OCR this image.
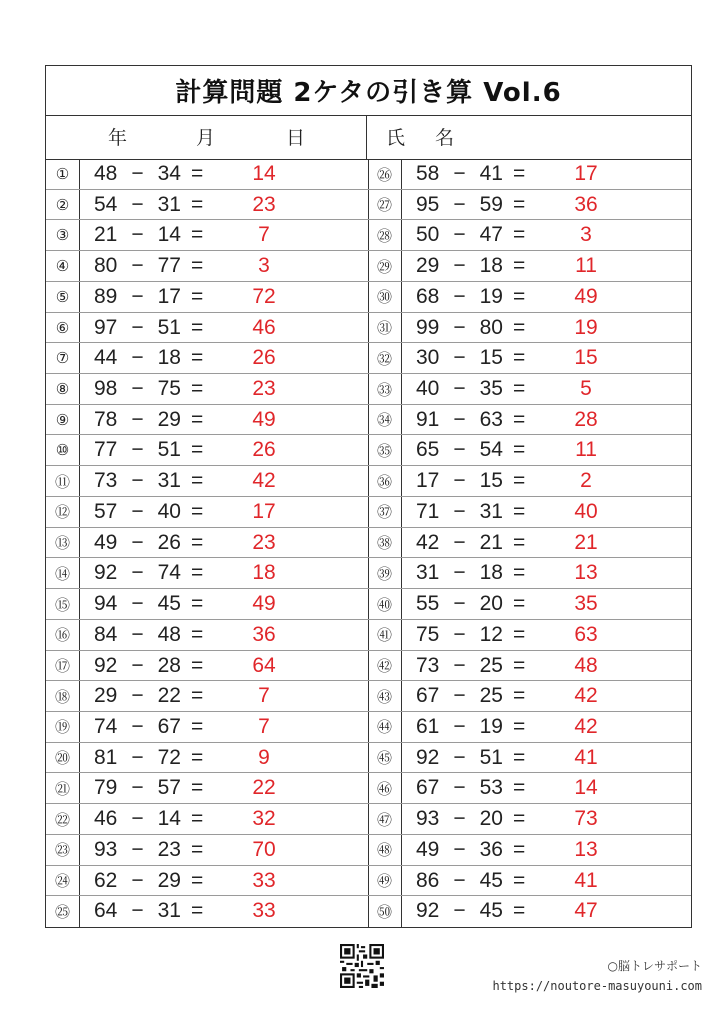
計算問題 2ケタの引き算 Vol.6
年	月	日	氏 名
①	48 − 34 =	14
②	54 − 31 =	23
③	21 − 14 =	7
④	80 − 77 =	3
⑤	89 − 17 =	72
⑥	97 − 51 =	46
⑦	44 − 18 =	26
⑧	98 − 75 =	23
⑨	78 − 29 =	49
⑩	77 − 51 =	26
⑪	73 − 31 =	42
⑫	57 − 40 =	17
⑬	49 − 26 =	23
⑭	92 − 74 =	18
⑮	94 − 45 =	49
⑯	84 − 48 =	36
⑰	92 − 28 =	64
⑱	29 − 22 =	7
⑲	74 − 67 =	7
⑳	81 − 72 =	9
㉑	79 − 57 =	22
㉒	46 − 14 =	32
㉓	93 − 23 =	70
㉔	62 − 29 =	33
㉕	64 − 31 =	33
㉖	58 − 41 =	17
㉗	95 − 59 =	36
㉘	50 − 47 =	3
㉙	29 − 18 =	11
㉚	68 − 19 =	49
㉛	99 − 80 =	19
㉜	30 − 15 =	15
㉝	40 − 35 =	5
㉞	91 − 63 =	28
㉟	65 − 54 =	11
㊱	17 − 15 =	2
㊲	71 − 31 =	40
㊳	42 − 21 =	21
㊴	31 − 18 =	13
㊵	55 − 20 =	35
㊶	75 − 12 =	63
㊷	73 − 25 =	48
㊸	67 − 25 =	42
㊹	61 − 19 =	42
㊺	92 − 51 =	41
㊻	67 − 53 =	14
㊼	93 − 20 =	73
㊽	49 − 36 =	13
㊾	86 − 45 =	41
㊿	92 − 45 =	47
○脳トレサポート
https://noutore-masuyouni.com
